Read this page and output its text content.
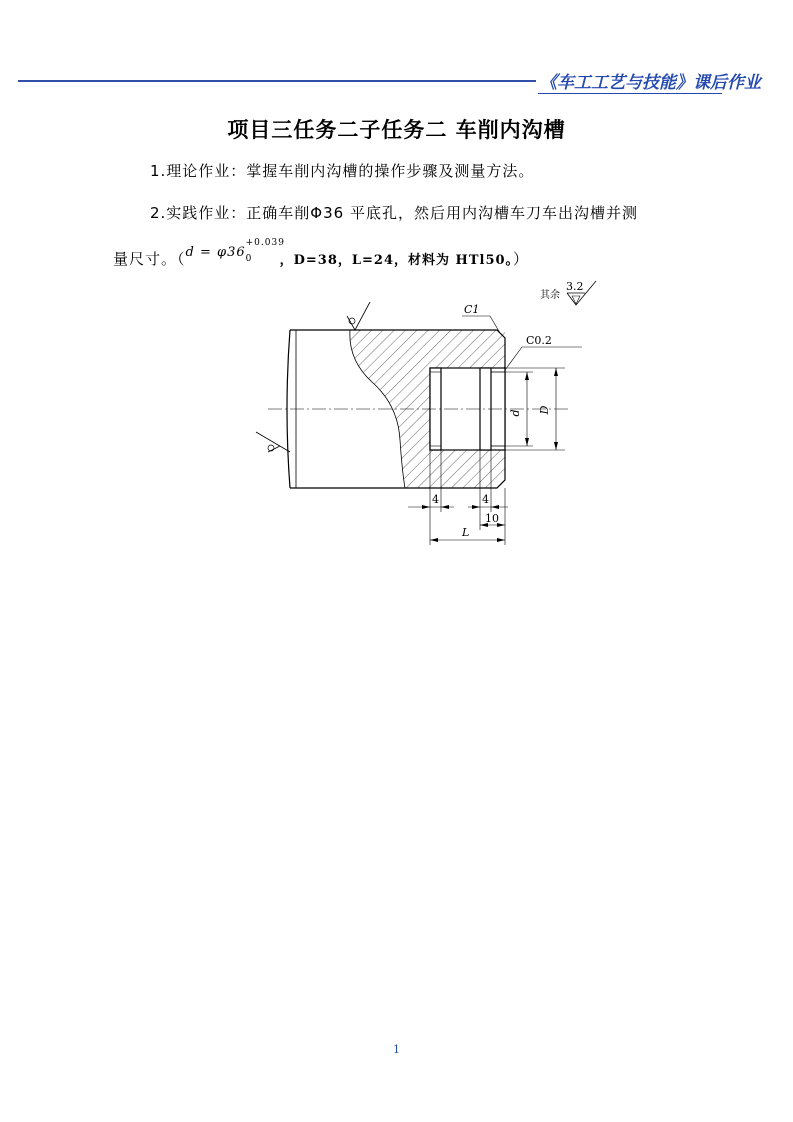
《车工工艺与技能》课后作业
项目三任务二子任务二 车削内沟槽
1.理论作业：掌握车削内沟槽的操作步骤及测量方法。
2.实践作业：正确车削Φ36 平底孔，然后用内沟槽车刀车出沟槽并测
量尺寸。（d = φ36
+0.039
0 ，D=38，L=24，材料为 HTl50。）
d D
C1
C0.2
其余
3.2
4	4
10
L
1
